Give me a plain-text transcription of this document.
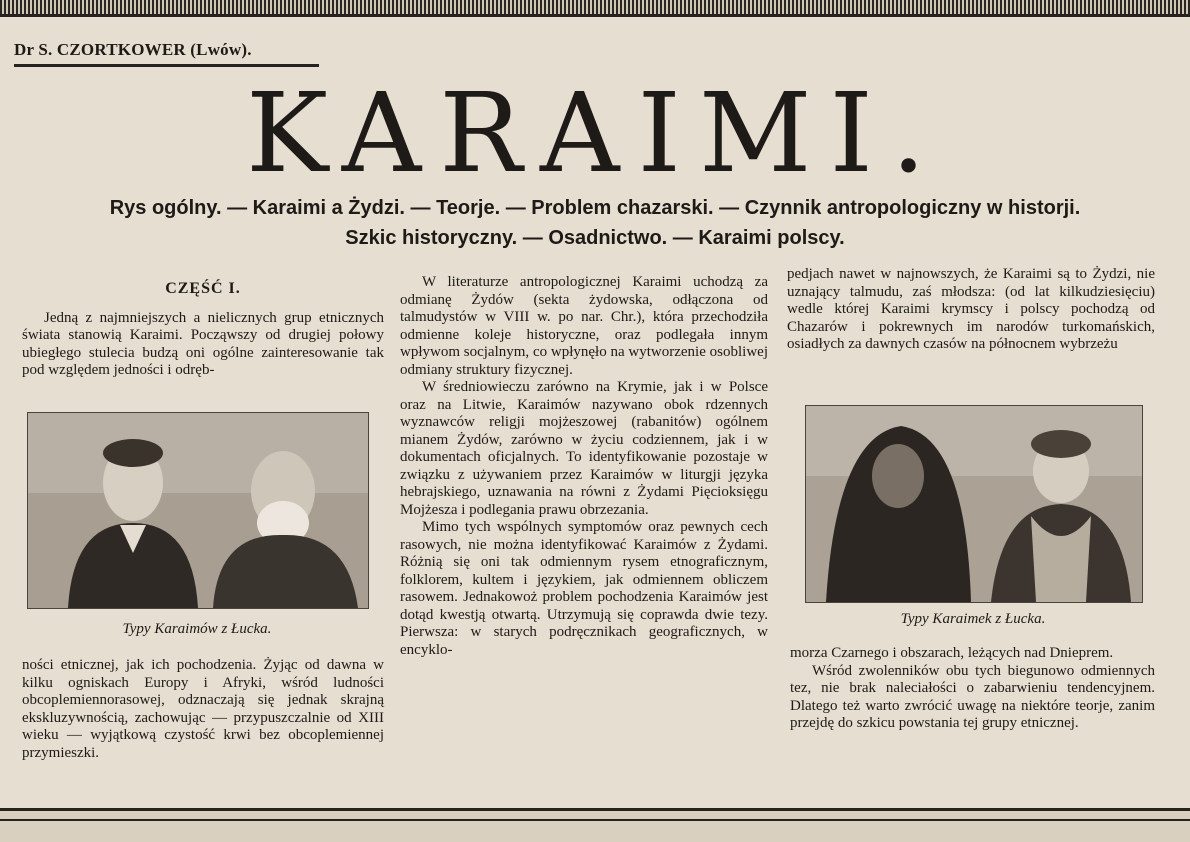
Dr S. CZORTKOWER (Lwów).
KARAIMI.
Rys ogólny. — Karaimi a Żydzi. — Teorje. — Problem chazarski. — Czynnik antropologiczny w historji.
Szkic historyczny. — Osadnictwo. — Karaimi polscy.
CZĘŚĆ I.

Jedną z najmniejszych a nielicznych grup etnicznych świata stanowią Karaimi. Począwszy od drugiej połowy ubiegłego stulecia budzą oni ogólne zainteresowanie tak pod względem jedności i odręb-

Typy Karaimów z Łucka.

ności etnicznej, jak ich pochodzenia. Żyjąc od dawna w kilku ogniskach Europy i Afryki, wśród ludności obcoplemiennorasowej, odznaczają się jednak skrajną ekskluzywnością, zachowując — przypuszczalnie od XIII wieku — wyjątkową czystość krwi bez obcoplemiennej przymieszki.

W literaturze antropologicznej Karaimi uchodzą za odmianę Żydów (sekta żydowska, odłączona od talmudystów w VIII w. po nar. Chr.), która przechodziła odmienne koleje historyczne, oraz podlegała innym wpływom socjalnym, co wpłynęło na wytworzenie osobliwej odmiany struktury fizycznej.

W średniowieczu zarówno na Krymie, jak i w Polsce oraz na Litwie, Karaimów nazywano obok rdzennych wyznawców religji mojżeszowej (rabanitów) ogólnem mianem Żydów, zarówno w życiu codziennem, jak i w dokumentach oficjalnych. To identyfikowanie pozostaje w związku z używaniem przez Karaimów w liturgji języka hebrajskiego, uznawania na równi z Żydami Pięcioksięgu Mojżesza i podlegania prawu obrzezania.

Mimo tych wspólnych symptomów oraz pewnych cech rasowych, nie można identyfikować Karaimów z Żydami. Różnią się oni tak odmiennym rysem etnograficznym, folklorem, kultem i językiem, jak odmiennem obliczem rasowem. Jednakowoż problem pochodzenia Karaimów jest dotąd kwestją otwartą. Utrzymują się coprawda dwie tezy. Pierwsza: w starych podręcznikach geograficznych, w encyklo-

pedjach nawet w najnowszych, że Karaimi są to Żydzi, nie uznający talmudu, zaś młodsza: (od lat kilkudziesięciu) wedle której Karaimi krymscy i polscy pochodzą od Chazarów i pokrewnych im narodów turkomańskich, osiadłych za dawnych czasów na północnem wybrzeżu

Typy Karaimek z Łucka.

morza Czarnego i obszarach, leżących nad Dnieprem.

Wśród zwolenników obu tych biegunowo odmiennych tez, nie brak naleciałości o zabarwieniu tendencyjnem. Dlatego też warto zwrócić uwagę na niektóre teorje, zanim przejdę do szkicu powstania tej grupy etnicznej.
